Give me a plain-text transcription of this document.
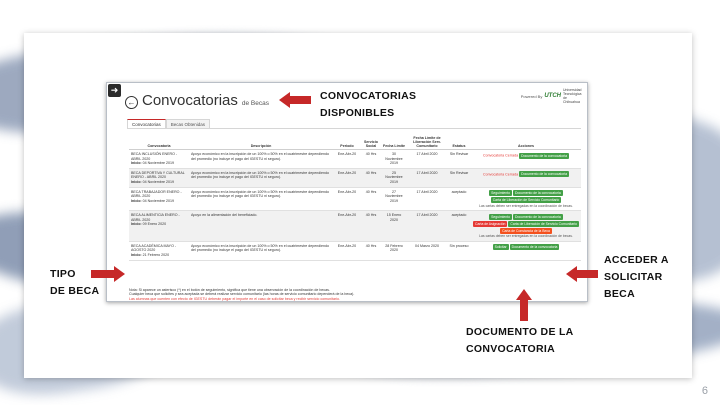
➜
Powered By UTCH
Universidad Tecnológica de Chihuahua
← Convocatorias de Becas
Convocatorias	Becas Obtenidas
Convocatoria	Descripción	Periodo	Servicio Social	Fecha Límite	Fecha Límite de Liberación Serv. Comunitario	Estatus	Acciones
BECA INCLUSIÓN ENERO - ABRIL 2020
Inicio: 04 Noviembre 2019	Apoyo económico en la inscripción de un 100% o 50% en el cuatrimestre dependiendo del promedio (no incluye el pago del IGESTU ni seguro).	Ene-Abr-20	40 Hrs	30 Noviembre 2019	17 Abril 2020	Sin Revisar	Convocatoria Cerrada Documento de la convocatoria
BECA DEPORTIVA Y CULTURAL ENERO - ABRIL 2020
Inicio: 04 Noviembre 2019	Apoyo económico en la inscripción de un 100% o 50% en el cuatrimestre dependiendo del promedio (no incluye el pago del IGESTU ni seguro).	Ene-Abr-20	40 Hrs	25 Noviembre 2019	17 Abril 2020	Sin Revisar	Convocatoria Cerrada Documento de la convocatoria
BECA TRABAJADOR ENERO - ABRIL 2020
Inicio: 04 Noviembre 2019	Apoyo económico en la inscripción de un 100% o 50% en el cuatrimestre dependiendo del promedio (no incluye el pago del IGESTU ni seguro).	Ene-Abr-20	40 Hrs	27 Noviembre 2019	17 Abril 2020	aceptado	Seguimiento Documento de la convocatoria Carta de Liberación de Servicio Comunitario
Las cartas deben ser entregadas en la coordinación de becas.

BECA ALIMENTICIA ENERO - ABRIL 2020
Inicio: 09 Enero 2020	Apoyo en la alimentación del beneficiado.	Ene-Abr-20	40 Hrs	15 Enero 2020	17 Abril 2020	aceptado	Seguimiento Documento de la convocatoria Carta de Asignación Carta de Liberación de Servicio Comunitario Carta de Constancia de la Beca
Las cartas deben ser entregadas en la coordinación de becas.

BECA ACADÉMICA MAYO - AGOSTO 2020
Inicio: 21 Febrero 2020	Apoyo económico en la inscripción de un 100% o 50% en el cuatrimestre dependiendo del promedio (no incluye el pago del IGESTU ni seguro).	Ene-Abr-20	40 Hrs	28 Febrero 2020	04 Marzo 2020	Sin proceso	Solicitar Documento de la convocatoria
Nota: Si aparece un asterisco (*) en el botón de seguimiento, significa que tiene una observación de la coordinación de becas.
Cualquier beca que solicites y sea aceptada se deberá realizar servicio comunitario (las horas de servicio comunitario dependerá de la beca).
Las alumnas que cuenten con efecto de IGESTU deberán pagar el importe en el caso de solicitar beca y recibir servicio comunitario.
CONVOCATORIAS
DISPONIBLES
TIPO
DE BECA
ACCEDER A
SOLICITAR
BECA
DOCUMENTO DE LA
CONVOCATORIA
6
